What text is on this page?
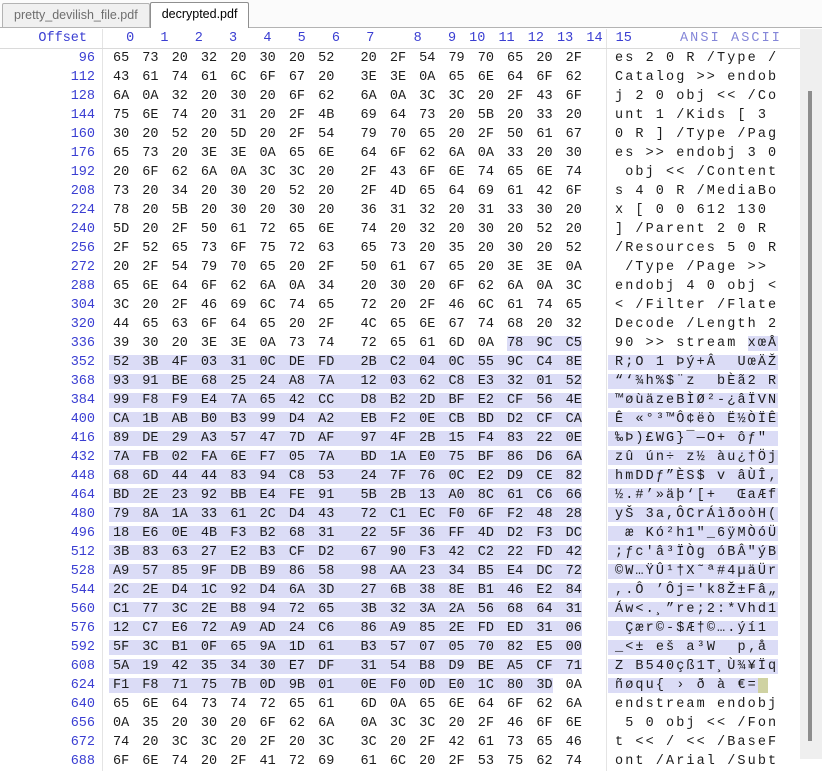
pretty_devilish_file.pdf	decrypted.pdf
Offset	0  1  2  3  4  5  6  7   8  9 10 11 12 13 14 15	ANSI ASCII
96	65 73 20 32 20 30 20 52  20 2F 54 79 70 65 20 2F	es 2 0 R /Type /
112	43 61 74 61 6C 6F 67 20  3E 3E 0A 65 6E 64 6F 62	Catalog >> endob
128	6A 0A 32 20 30 20 6F 62  6A 0A 3C 3C 20 2F 43 6F	j 2 0 obj << /Co
144	75 6E 74 20 31 20 2F 4B  69 64 73 20 5B 20 33 20	unt 1 /Kids [ 3
160	30 20 52 20 5D 20 2F 54  79 70 65 20 2F 50 61 67	0 R ] /Type /Pag
176	65 73 20 3E 3E 0A 65 6E  64 6F 62 6A 0A 33 20 30	es >> endobj 3 0
192	20 6F 62 6A 0A 3C 3C 20  2F 43 6F 6E 74 65 6E 74	obj << /Content
208	73 20 34 20 30 20 52 20  2F 4D 65 64 69 61 42 6F	s 4 0 R /MediaBo
224	78 20 5B 20 30 20 30 20  36 31 32 20 31 33 30 20	x [ 0 0 612 130
240	5D 20 2F 50 61 72 65 6E  74 20 32 20 30 20 52 20	] /Parent 2 0 R
256	2F 52 65 73 6F 75 72 63  65 73 20 35 20 30 20 52	/Resources 5 0 R
272	20 2F 54 79 70 65 20 2F  50 61 67 65 20 3E 3E 0A	/Type /Page >>
288	65 6E 64 6F 62 6A 0A 34  20 30 20 6F 62 6A 0A 3C	endobj 4 0 obj <
304	3C 20 2F 46 69 6C 74 65  72 20 2F 46 6C 61 74 65	< /Filter /Flate
320	44 65 63 6F 64 65 20 2F  4C 65 6E 67 74 68 20 32	Decode /Length 2
336	39 30 20 3E 3E 0A 73 74  72 65 61 6D 0A 78 9C C5	90 >> stream xœÅ
352	52 3B 4F 03 31 0C DE FD  2B C2 04 0C 55 9C C4 8E	R;O 1 Þý+Â UœÄŽ
368	93 91 BE 68 25 24 A8 7A  12 03 62 C8 E3 32 01 52	“‘¾h%$¨z bÈã2 R
384	99 F8 F9 E4 7A 65 42 CC  D8 B2 2D BF E2 CF 56 4E	™øùäzeBÌØ²-¿âÏVN
400	CA 1B AB B0 B3 99 D4 A2  EB F2 0E CB BD D2 CF CA	Ê «°³™Ô¢ëò Ë½ÒÏÊ
416	89 DE 29 A3 57 47 7D AF  97 4F 2B 15 F4 83 22 0E	‰Þ)£WG}¯—O+ ôƒ"
432	7A FB 02 FA 6E F7 05 7A  BD 1A E0 75 BF 86 D6 6A	zû ún÷ z½ àu¿†Öj
448	68 6D 44 44 83 94 C8 53  24 7F 76 0C E2 D9 CE 82	hmDDƒ”ÈS$ v âÙÎ‚
464	BD 2E 23 92 BB E4 FE 91  5B 2B 13 A0 8C 61 C6 66	½.#’»äþ‘[+ ŒaÆf
480	79 8A 1A 33 61 2C D4 43  72 C1 EC F0 6F F2 48 28	yŠ 3a,ÔCrÁìðoòH(
496	18 E6 0E 4B F3 B2 68 31  22 5F 36 FF 4D D2 F3 DC	æ Kó²h1"_6ÿMÒóÜ
512	3B 83 63 27 E2 B3 CF D2  67 90 F3 42 C2 22 FD 42	;ƒc'â³ÏÒg óBÂ"ýB
528	A9 57 85 9F DB B9 86 58  98 AA 23 34 B5 E4 DC 72	©W…ŸÛ¹†X˜ª#4µäÜr
544	2C 2E D4 1C 92 D4 6A 3D  27 6B 38 8E B1 46 E2 84	,.Ô ’Ôj='k8Ž±Fâ„
560	C1 77 3C 2E B8 94 72 65  3B 32 3A 2A 56 68 64 31	Áw<.¸”re;2:*Vhd1
576	12 C7 E6 72 A9 AD 24 C6  86 A9 85 2E FD ED 31 06	Çær©-$Æ†©….ýí1
592	5F 3C B1 0F 65 9A 1D 61  B3 57 07 05 70 82 E5 00	_<± eš a³W p‚å
608	5A 19 42 35 34 30 E7 DF  31 54 B8 D9 BE A5 CF 71	Z B540çß1T¸Ù¾¥Ïq
624	F1 F8 71 75 7B 0D 9B 01  0E F0 0D E0 1C 80 3D 0A	ñøqu{ › ð à €=
640	65 6E 64 73 74 72 65 61  6D 0A 65 6E 64 6F 62 6A	endstream endobj
656	0A 35 20 30 20 6F 62 6A  0A 3C 3C 20 2F 46 6F 6E	5 0 obj << /Fon
672	74 20 3C 3C 20 2F 20 3C  3C 20 2F 42 61 73 65 46	t << / << /BaseF
688	6F 6E 74 20 2F 41 72 69  61 6C 20 2F 53 75 62 74	ont /Arial /Subt
